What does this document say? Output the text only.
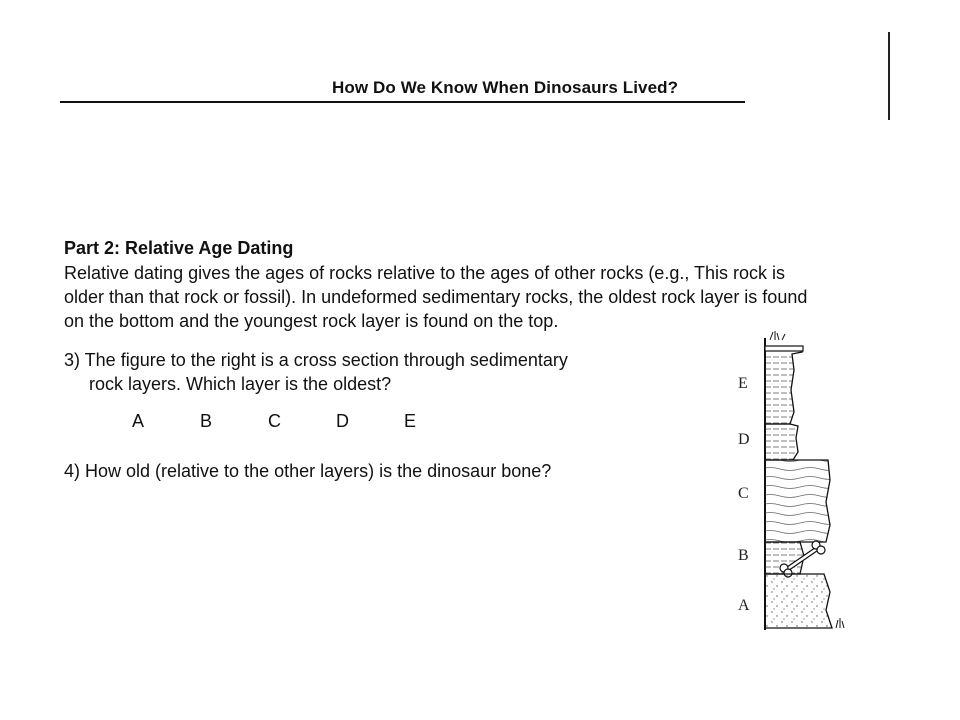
How Do We Know When Dinosaurs Lived?
Part 2: Relative Age Dating

Relative dating gives the ages of rocks relative to the ages of other rocks (e.g., This rock is
older than that rock or fossil). In undeformed sedimentary rocks, the oldest rock layer is found
on the bottom and the youngest rock layer is found on the top.

3) The figure to the right is a cross section through sedimentary
rock layers. Which layer is the oldest?
A	B	C	D	E
4) How old (relative to the other layers) is the dinosaur bone?
E
D
C
B
A
